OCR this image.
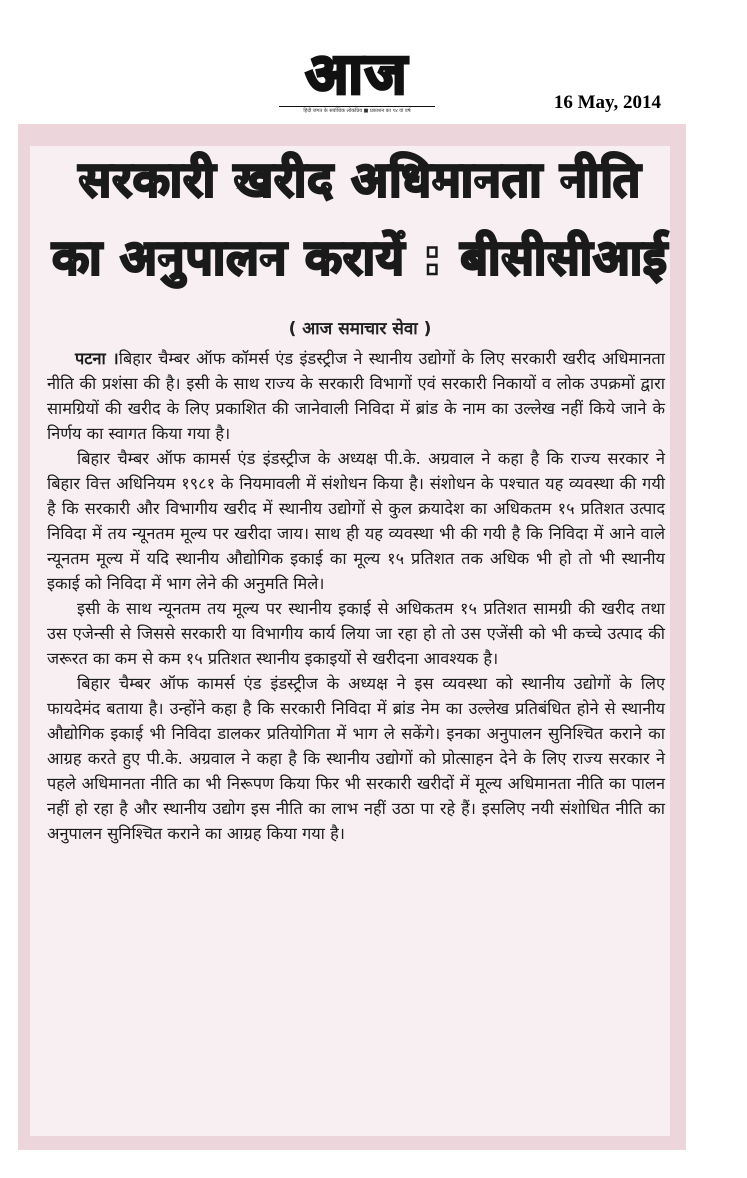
आज
हिंदी जगत के सर्वाधिक लोकप्रिय ■ प्रकाशन का ९४ वां वर्ष	16 May, 2014
सरकारी खरीद अधिमानता नीति
का अनुपालन करायें : बीसीसीआई
( आज समाचार सेवा )

पटना ।बिहार चैम्बर ऑफ कॉमर्स एंड इंडस्ट्रीज ने स्थानीय उद्योगों के लिए सरकारी खरीद अधिमानता नीति की प्रशंसा की है। इसी के साथ राज्य के सरकारी विभागों एवं सरकारी निकायों व लोक उपक्रमों द्वारा सामग्रियों की खरीद के लिए प्रकाशित की जानेवाली निविदा में ब्रांड के नाम का उल्लेख नहीं किये जाने के निर्णय का स्वागत किया गया है।

बिहार चैम्बर ऑफ कामर्स एंड इंडस्ट्रीज के अध्यक्ष पी.के. अग्रवाल ने कहा है कि राज्य सरकार ने बिहार वित्त अधिनियम १९८१ के नियमावली में संशोधन किया है। संशोधन के पश्चात यह व्यवस्था की गयी है कि सरकारी और विभागीय खरीद में स्थानीय उद्योगों से कुल क्रयादेश का अधिकतम १५ प्रतिशत उत्पाद निविदा में तय न्यूनतम मूल्य पर खरीदा जाय। साथ ही यह व्यवस्था भी की गयी है कि निविदा में आने वाले न्यूनतम मूल्य में यदि स्थानीय औद्योगिक इकाई का मूल्य १५ प्रतिशत तक अधिक भी हो तो भी स्थानीय इकाई को निविदा में भाग लेने की अनुमति मिले।

इसी के साथ न्यूनतम तय मूल्य पर स्थानीय इकाई से अधिकतम १५ प्रतिशत सामग्री की खरीद तथा उस एजेन्सी से जिससे सरकारी या विभागीय कार्य लिया जा रहा हो तो उस एजेंसी को भी कच्चे उत्पाद की जरूरत का कम से कम १५ प्रतिशत स्थानीय इकाइयों से खरीदना आवश्यक है।

बिहार चैम्बर ऑफ कामर्स एंड इंडस्ट्रीज के अध्यक्ष ने इस व्यवस्था को स्थानीय उद्योगों के लिए फायदेमंद बताया है। उन्होंने कहा है कि सरकारी निविदा में ब्रांड नेम का उल्लेख प्रतिबंधित होने से स्थानीय औद्योगिक इकाई भी निविदा डालकर प्रतियोगिता में भाग ले सकेंगे। इनका अनुपालन सुनिश्चित कराने का आग्रह करते हुए पी.के. अग्रवाल ने कहा है कि स्थानीय उद्योगों को प्रोत्साहन देने के लिए राज्य सरकार ने पहले अधिमानता नीति का भी निरूपण किया फिर भी सरकारी खरीदों में मूल्य अधिमानता नीति का पालन नहीं हो रहा है और स्थानीय उद्योग इस नीति का लाभ नहीं उठा पा रहे हैं। इसलिए नयी संशोधित नीति का अनुपालन सुनिश्चित कराने का आग्रह किया गया है।
